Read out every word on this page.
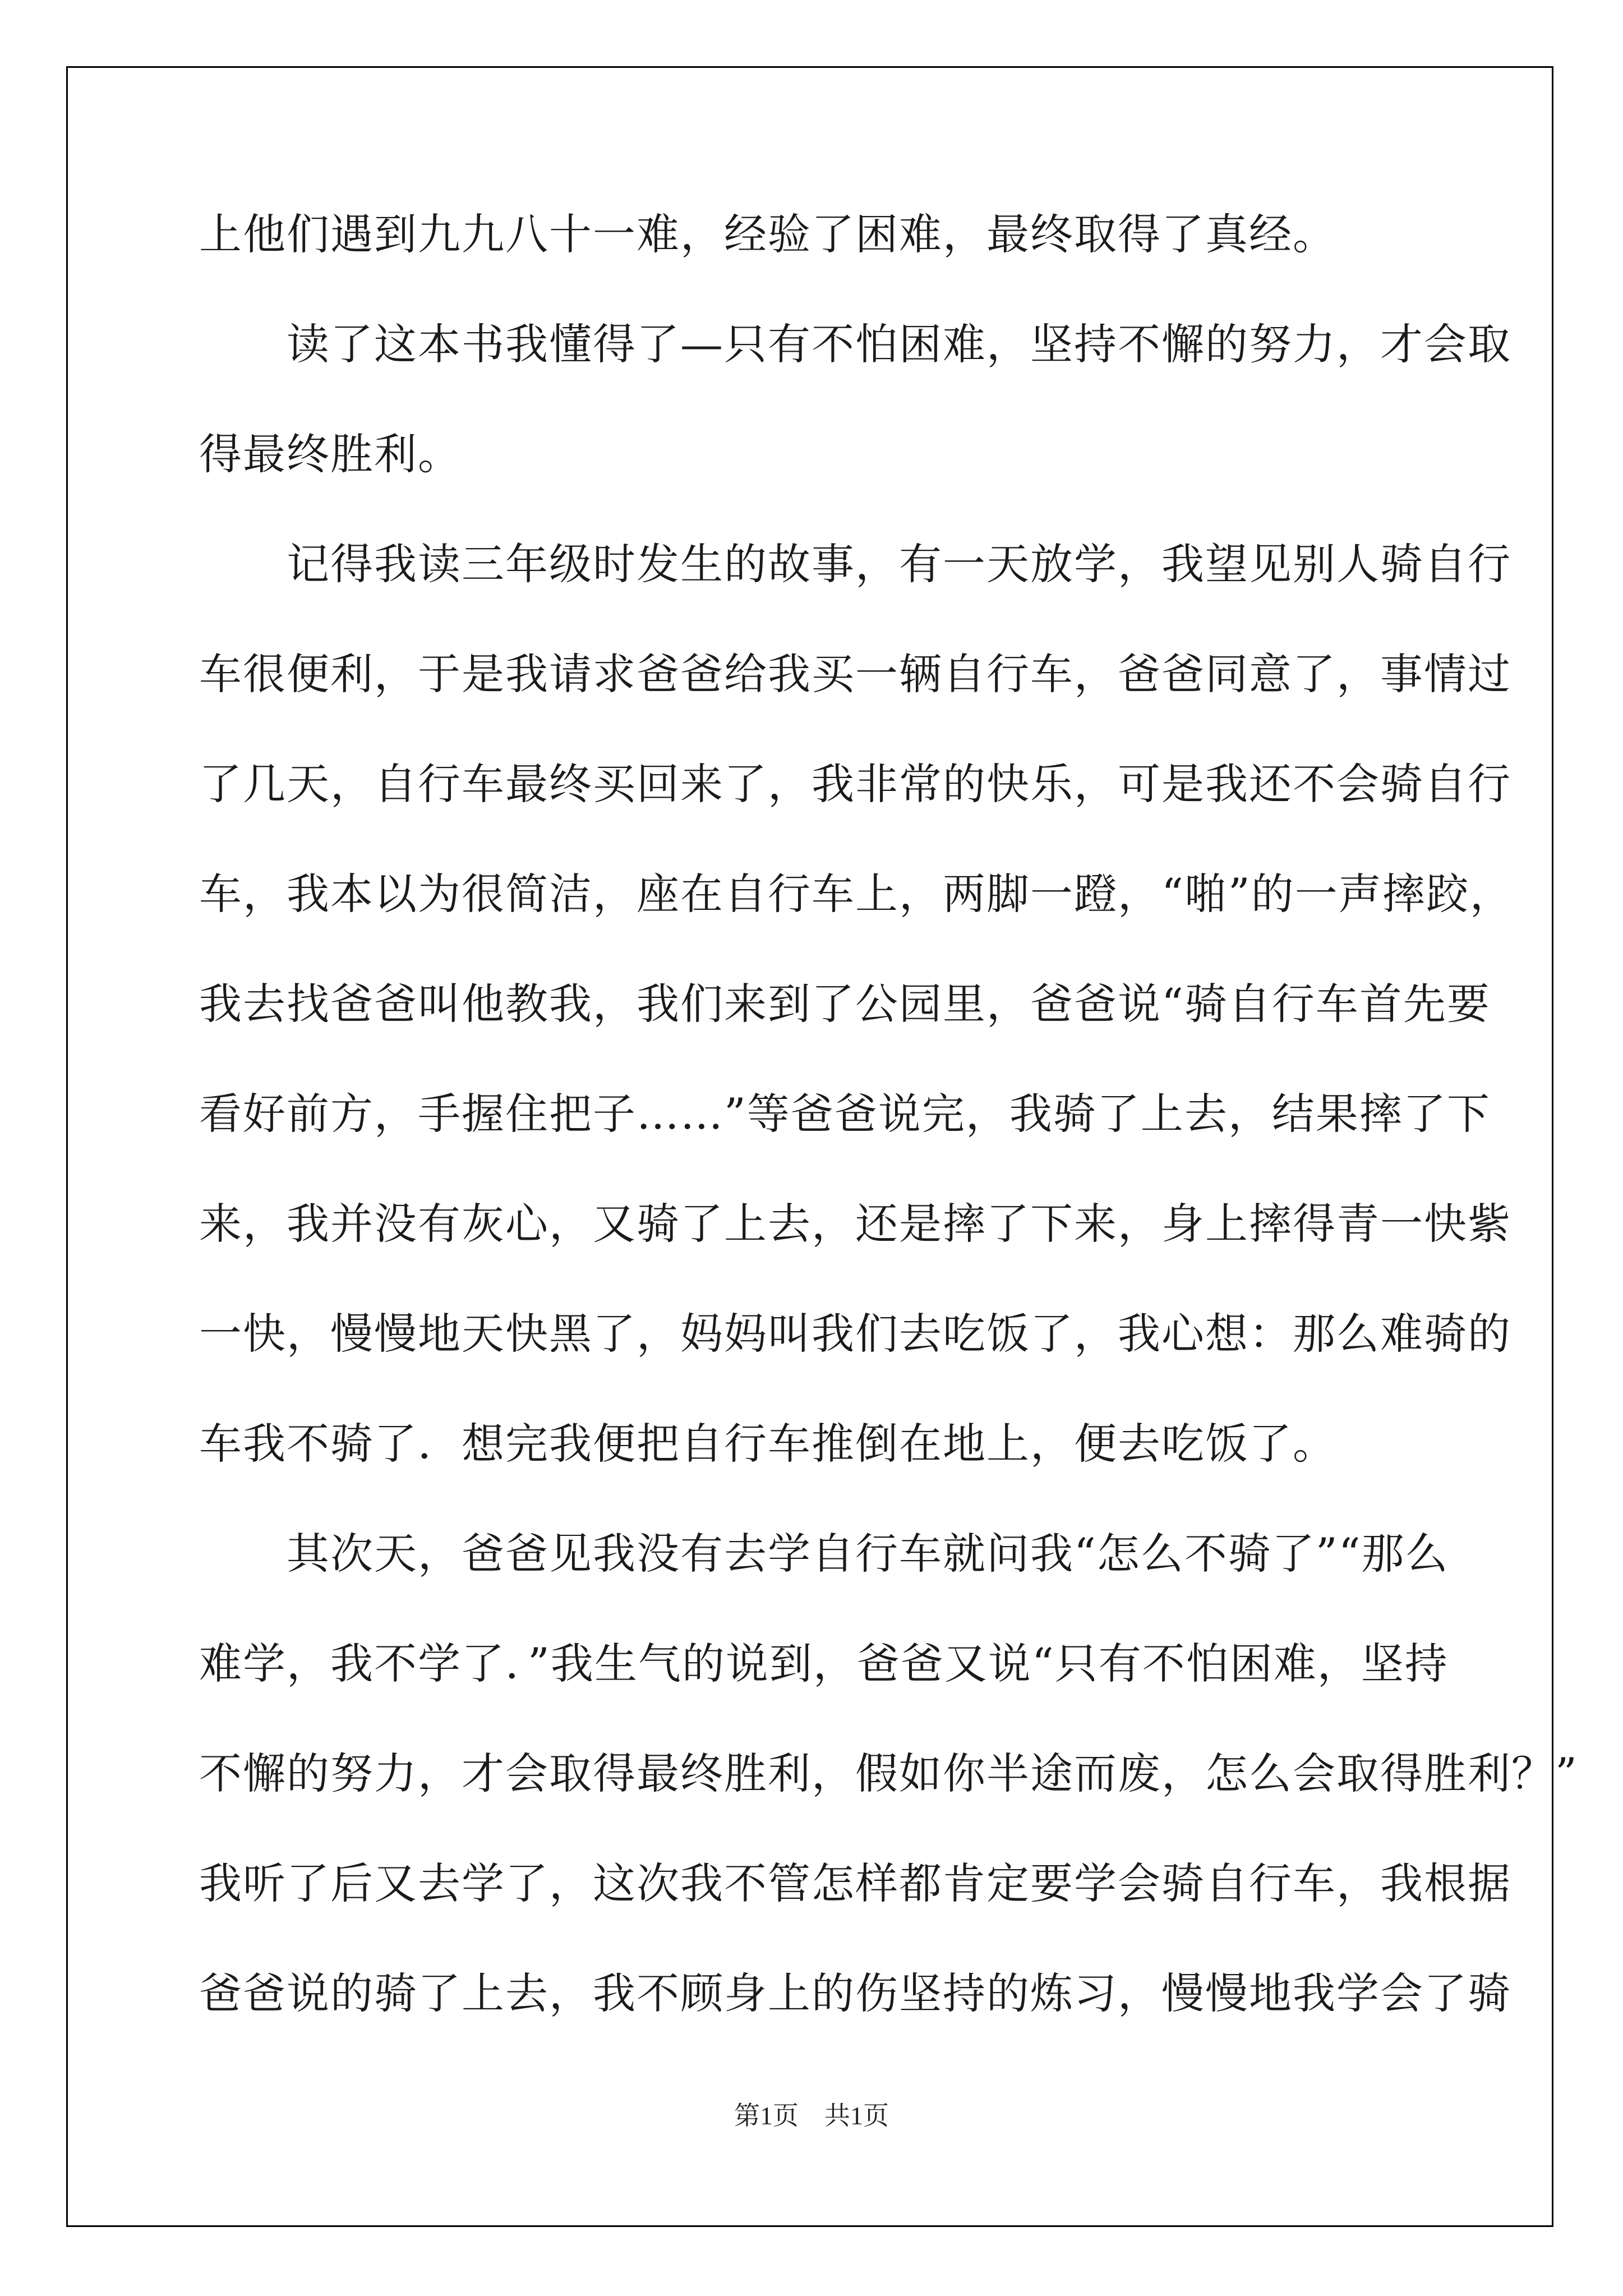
上他们遇到九九八十一难，经验了困难，最终取得了真经。
　　读了这本书我懂得了—只有不怕困难，坚持不懈的努力，才会取
得最终胜利。
　　记得我读三年级时发生的故事，有一天放学，我望见别人骑自行
车很便利，于是我请求爸爸给我买一辆自行车，爸爸同意了，事情过
了几天，自行车最终买回来了，我非常的快乐，可是我还不会骑自行
车，我本以为很简洁，座在自行车上，两脚一蹬，“啪”的一声摔跤，
我去找爸爸叫他教我，我们来到了公园里，爸爸说“骑自行车首先要
看好前方，手握住把子……”等爸爸说完，我骑了上去，结果摔了下
来，我并没有灰心，又骑了上去，还是摔了下来，身上摔得青一快紫
一快，慢慢地天快黑了，妈妈叫我们去吃饭了，我心想：那么难骑的
车我不骑了．想完我便把自行车推倒在地上，便去吃饭了。
　　其次天，爸爸见我没有去学自行车就问我“怎么不骑了”“那么
难学，我不学了．”我生气的说到，爸爸又说“只有不怕困难，坚持
不懈的努力，才会取得最终胜利，假如你半途而废，怎么会取得胜利？”
第1页　共1页
我听了后又去学了，这次我不管怎样都肯定要学会骑自行车，我根据
爸爸说的骑了上去，我不顾身上的伤坚持的炼习，慢慢地我学会了骑
